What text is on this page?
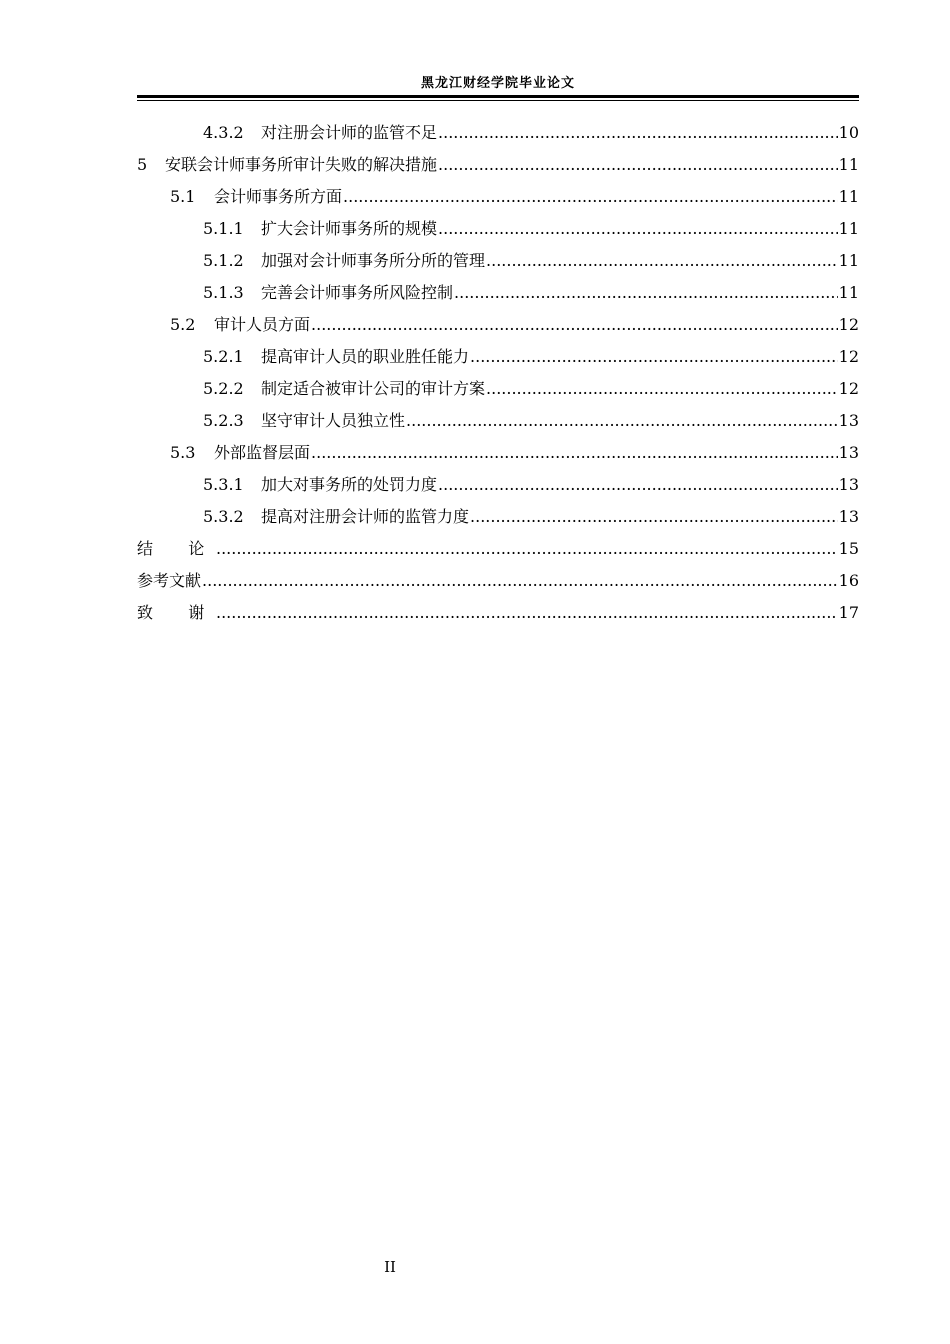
黑龙江财经学院毕业论文
4.3.2	对注册会计师的监管不足 .....	10
5	安联会计师事务所审计失败的解决措施 .....	11
5.1	会计师事务所方面 .....	11
5.1.1	扩大会计师事务所的规模 .....	11
5.1.2	加强对会计师事务所分所的管理 .....	11
5.1.3	完善会计师事务所风险控制 .....	11
5.2	审计人员方面 .....	12
5.2.1	提高审计人员的职业胜任能力 .....	12
5.2.2	制定适合被审计公司的审计方案 .....	12
5.2.3	坚守审计人员独立性 .....	13
5.3	外部监督层面 .....	13
5.3.1	加大对事务所的处罚力度 .....	13
5.3.2	提高对注册会计师的监管力度 .....	13
结论 .....	15
参考文献 .....	16
致谢 .....	17
II
